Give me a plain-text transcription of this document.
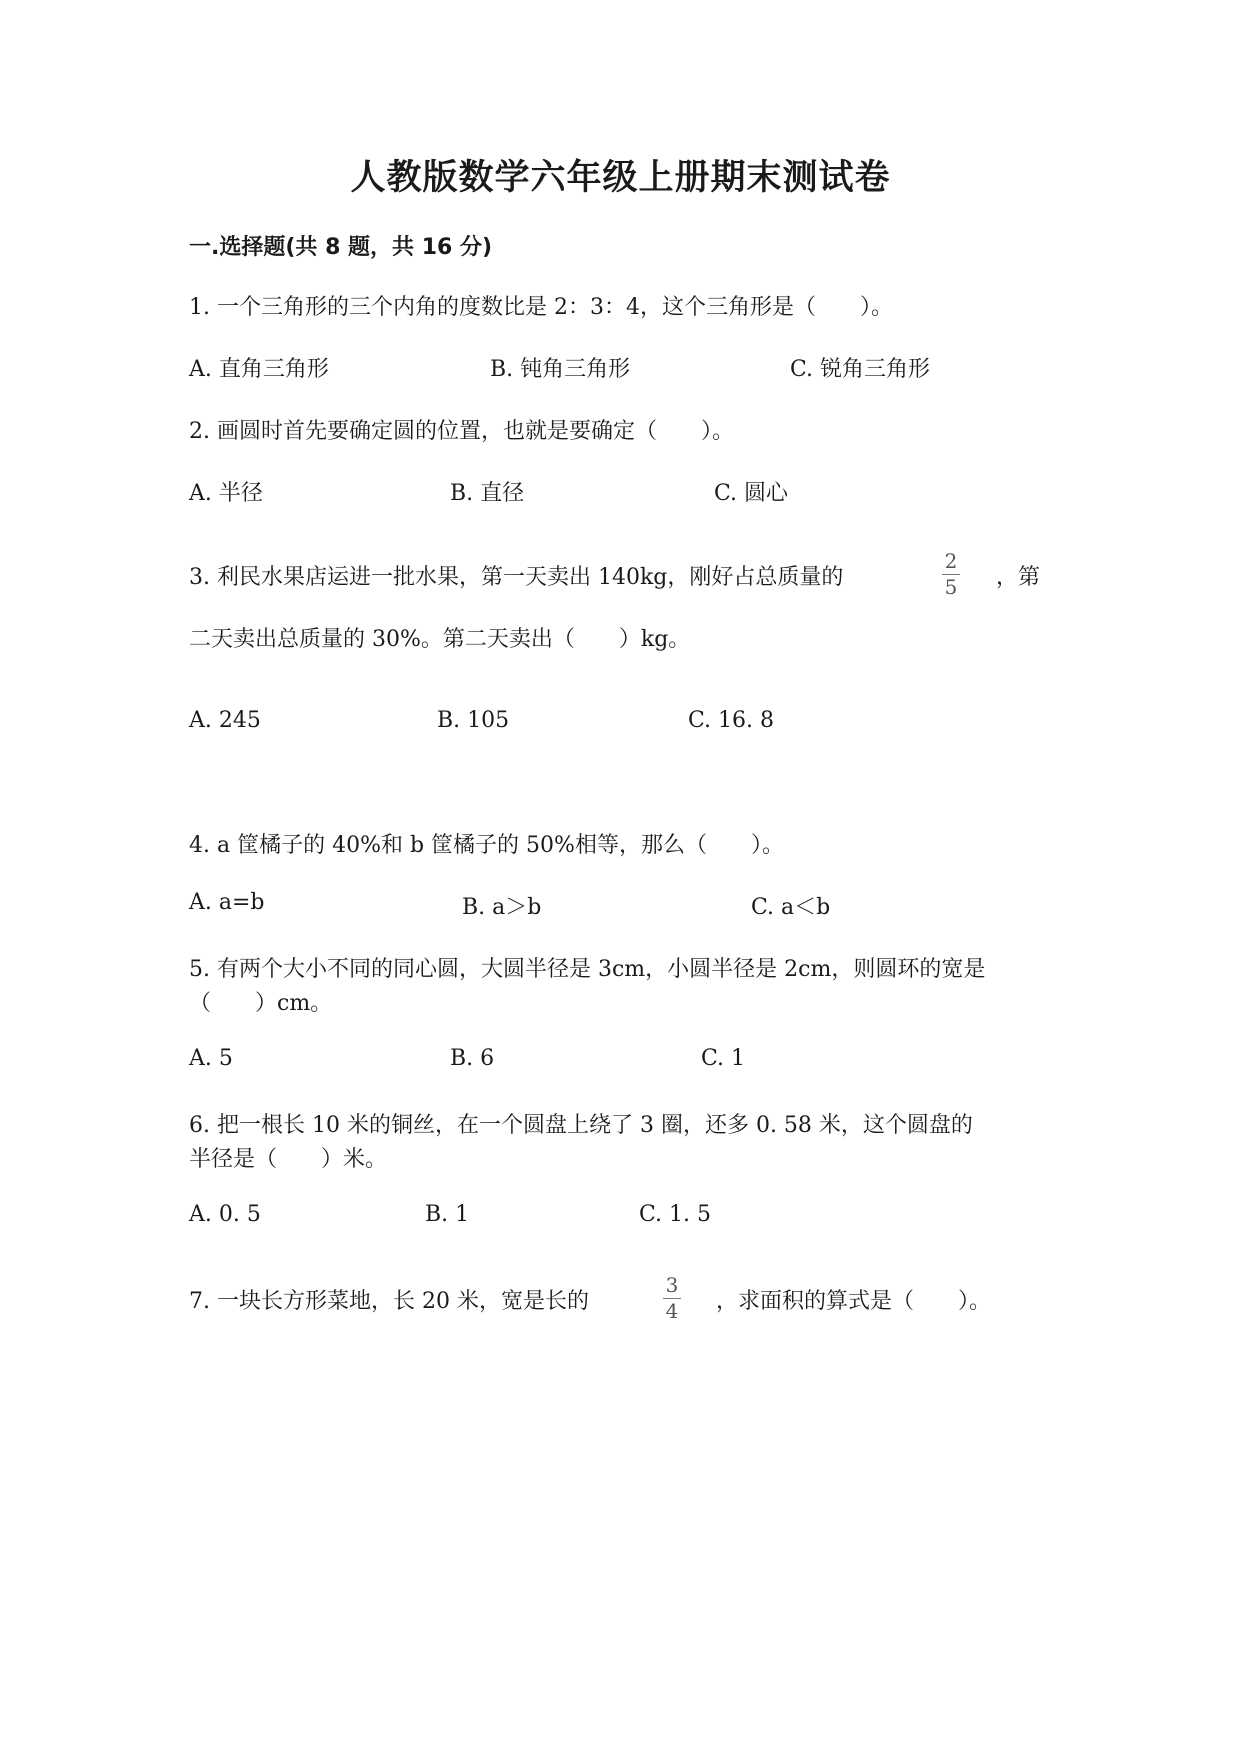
人教版数学六年级上册期末测试卷
一.选择题(共 8 题，共 16 分)
1. 一个三角形的三个内角的度数比是 2：3：4，这个三角形是（　　）。
A. 直角三角形	B. 钝角三角形	C. 锐角三角形
2. 画圆时首先要确定圆的位置，也就是要确定（　　）。
A. 半径	B. 直径	C. 圆心
3. 利民水果店运进一批水果，第一天卖出 140kg，刚好占总质量的
2
5 ，第
二天卖出总质量的 30%。第二天卖出（　　）kg。
A. 245	B. 105	C. 16. 8
4. a 筐橘子的 40%和 b 筐橘子的 50%相等，那么（　　）。
A. a=b	B. a＞b	C. a＜b
5. 有两个大小不同的同心圆，大圆半径是 3cm，小圆半径是 2cm，则圆环的宽是
（　　）cm。
A. 5	B. 6	C. 1
6. 把一根长 10 米的铜丝，在一个圆盘上绕了 3 圈，还多 0. 58 米，这个圆盘的
半径是（　　）米。
A. 0. 5	B. 1	C. 1. 5
7. 一块长方形菜地，长 20 米，宽是长的
3
4 ，求面积的算式是（　　）。
